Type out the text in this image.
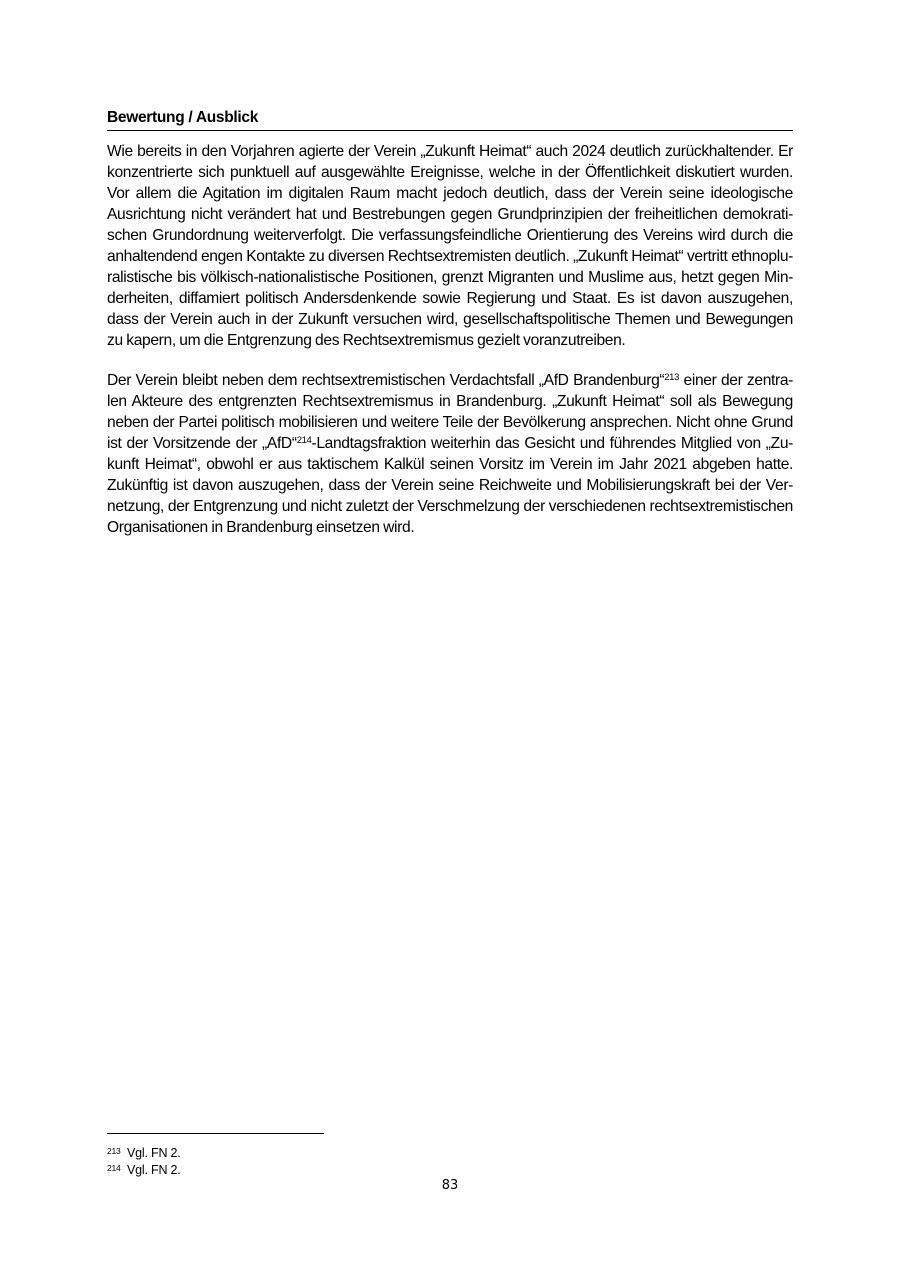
Bewertung / Ausblick

Wie bereits in den Vorjahren agierte der Verein „Zukunft Heimat“ auch 2024 deutlich zurückhaltender. Er
konzentrierte sich punktuell auf ausgewählte Ereignisse, welche in der Öffentlichkeit diskutiert wurden.
Vor allem die Agitation im digitalen Raum macht jedoch deutlich, dass der Verein seine ideologische
Ausrichtung nicht verändert hat und Bestrebungen gegen Grundprinzipien der freiheitlichen demokrati-
schen Grundordnung weiterverfolgt. Die verfassungsfeindliche Orientierung des Vereins wird durch die
anhaltendend engen Kontakte zu diversen Rechtsextremisten deutlich. „Zukunft Heimat“ vertritt ethnoplu-
ralistische bis völkisch-nationalistische Positionen, grenzt Migranten und Muslime aus, hetzt gegen Min-
derheiten, diffamiert politisch Andersdenkende sowie Regierung und Staat. Es ist davon auszugehen,
dass der Verein auch in der Zukunft versuchen wird, gesellschaftspolitische Themen und Bewegungen
zu kapern, um die Entgrenzung des Rechtsextremismus gezielt voranzutreiben.

Der Verein bleibt neben dem rechtsextremistischen Verdachtsfall „AfD Brandenburg“$^{213}$ einer der zentra-
len Akteure des entgrenzten Rechtsextremismus in Brandenburg. „Zukunft Heimat“ soll als Bewegung
neben der Partei politisch mobilisieren und weitere Teile der Bevölkerung ansprechen. Nicht ohne Grund
ist der Vorsitzende der „AfD“$^{214}$-Landtagsfraktion weiterhin das Gesicht und führendes Mitglied von „Zu-
kunft Heimat“, obwohl er aus taktischem Kalkül seinen Vorsitz im Verein im Jahr 2021 abgeben hatte.
Zukünftig ist davon auszugehen, dass der Verein seine Reichweite und Mobilisierungskraft bei der Ver-
netzung, der Entgrenzung und nicht zuletzt der Verschmelzung der verschiedenen rechtsextremistischen
Organisationen in Brandenburg einsetzen wird.

213 Vgl. FN 2.
214 Vgl. FN 2.
83
